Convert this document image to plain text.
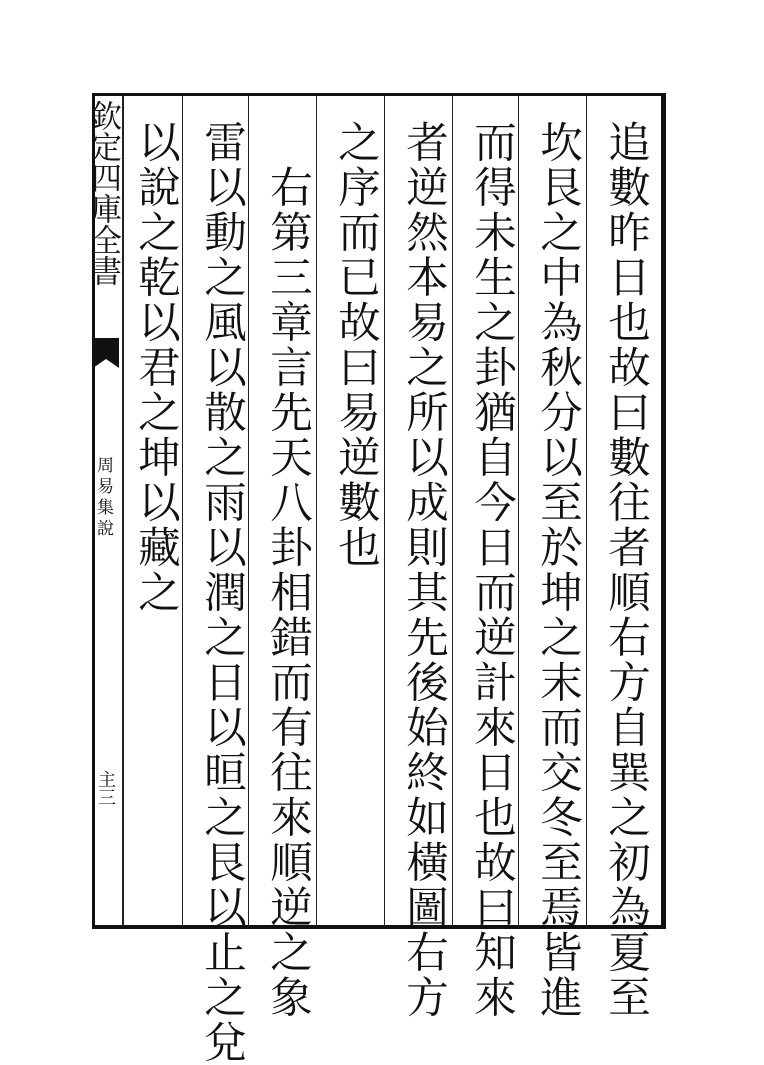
欽定四庫全書
周易集說
主三	追數昨日也故曰數往者順右方自巽之初為夏至
坎艮之中為秋分以至於坤之末而交冬至焉皆進
而得未生之卦猶自今日而逆計來日也故曰知來
者逆然本易之所以成則其先後始終如橫圖右方
之序而已故曰易逆數也
右第三章言先天八卦相錯而有往來順逆之象
雷以動之風以散之雨以潤之日以晅之艮以止之兌
以說之乾以君之坤以藏之
